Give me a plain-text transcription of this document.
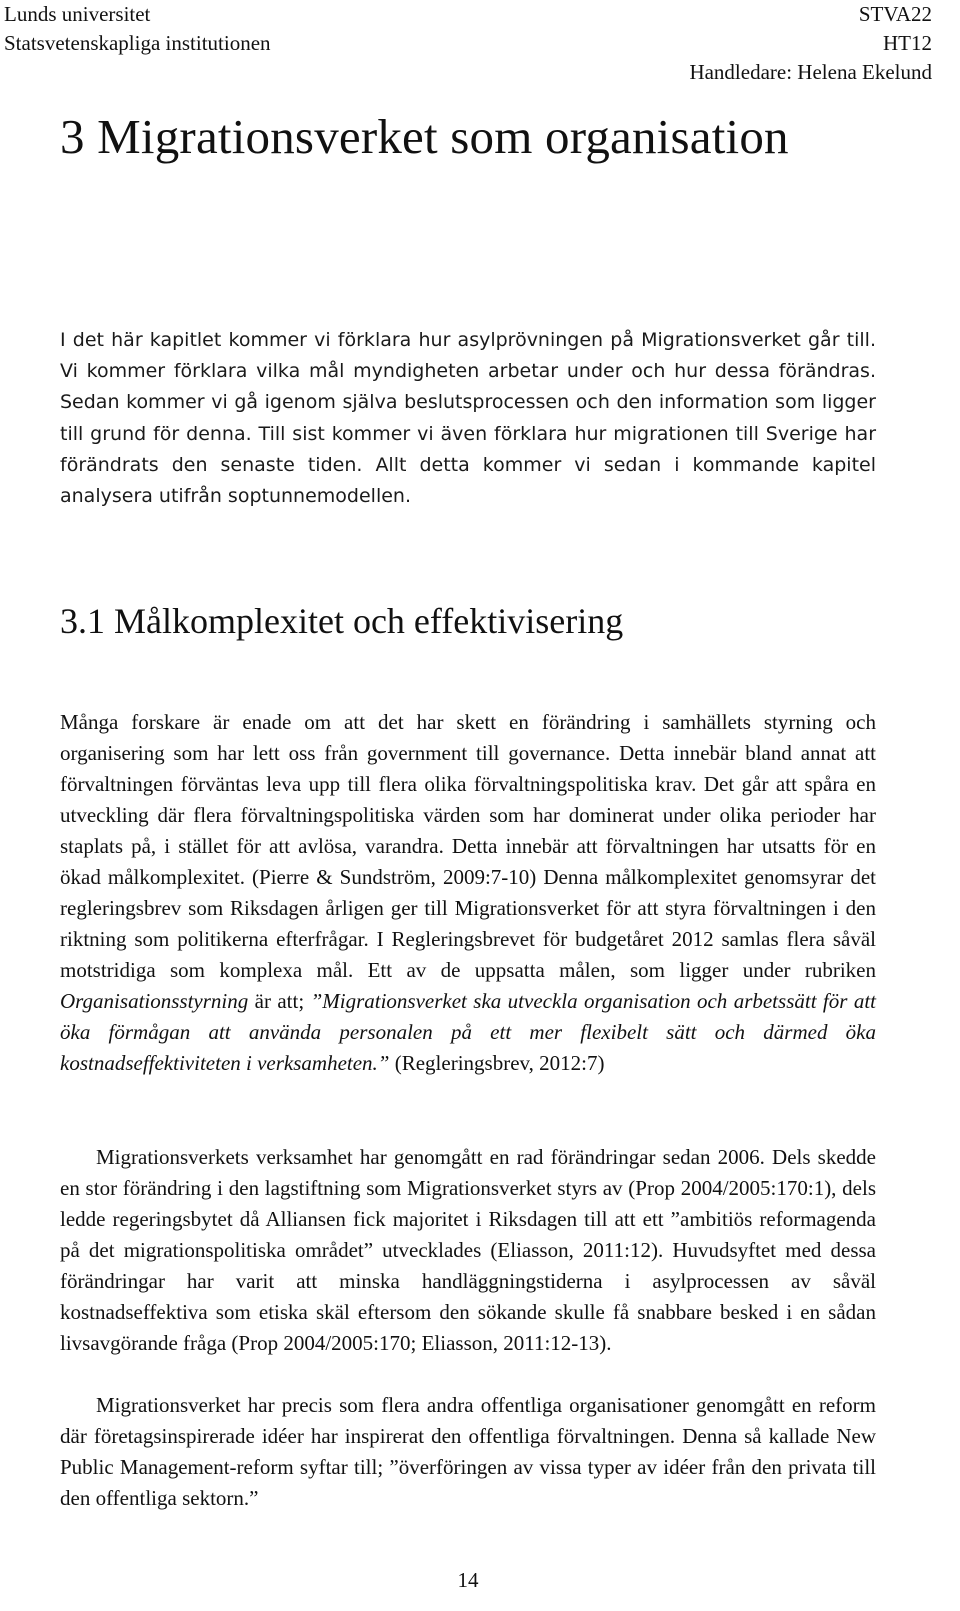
Lunds universitet
Statsvetenskapliga institutionen
STVA22
HT12
Handledare: Helena Ekelund
3 Migrationsverket som organisation

I det här kapitlet kommer vi förklara hur asylprövningen på Migrationsverket går till. Vi kommer förklara vilka mål myndigheten arbetar under och hur dessa förändras. Sedan kommer vi gå igenom själva beslutsprocessen och den information som ligger till grund för denna. Till sist kommer vi även förklara hur migrationen till Sverige har förändrats den senaste tiden. Allt detta kommer vi sedan i kommande kapitel analysera utifrån soptunnemodellen.

3.1 Målkomplexitet och effektivisering

Många forskare är enade om att det har skett en förändring i samhällets styrning och organisering som har lett oss från government till governance. Detta innebär bland annat att förvaltningen förväntas leva upp till flera olika förvaltningspolitiska krav. Det går att spåra en utveckling där flera förvaltningspolitiska värden som har dominerat under olika perioder har staplats på, i stället för att avlösa, varandra. Detta innebär att förvaltningen har utsatts för en ökad målkomplexitet. (Pierre & Sundström, 2009:7-10) Denna målkomplexitet genomsyrar det regleringsbrev som Riksdagen årligen ger till Migrationsverket för att styra förvaltningen i den riktning som politikerna efterfrågar. I Regleringsbrevet för budgetåret 2012 samlas flera såväl motstridiga som komplexa mål. Ett av de uppsatta målen, som ligger under rubriken Organisationsstyrning är att; ”Migrationsverket ska utveckla organisation och arbetssätt för att öka förmågan att använda personalen på ett mer flexibelt sätt och därmed öka kostnadseffektiviteten i verksamheten.” (Regleringsbrev, 2012:7)

Migrationsverkets verksamhet har genomgått en rad förändringar sedan 2006. Dels skedde en stor förändring i den lagstiftning som Migrationsverket styrs av (Prop 2004/2005:170:1), dels ledde regeringsbytet då Alliansen fick majoritet i Riksdagen till att ett ”ambitiös reformagenda på det migrationspolitiska området” utvecklades (Eliasson, 2011:12). Huvudsyftet med dessa förändringar har varit att minska handläggningstiderna i asylprocessen av såväl kostnadseffektiva som etiska skäl eftersom den sökande skulle få snabbare besked i en sådan livsavgörande fråga (Prop 2004/2005:170; Eliasson, 2011:12-13).

Migrationsverket har precis som flera andra offentliga organisationer genomgått en reform där företagsinspirerade idéer har inspirerat den offentliga förvaltningen. Denna så kallade New Public Management-reform syftar till; ”överföringen av vissa typer av idéer från den privata till den offentliga sektorn.”

14
